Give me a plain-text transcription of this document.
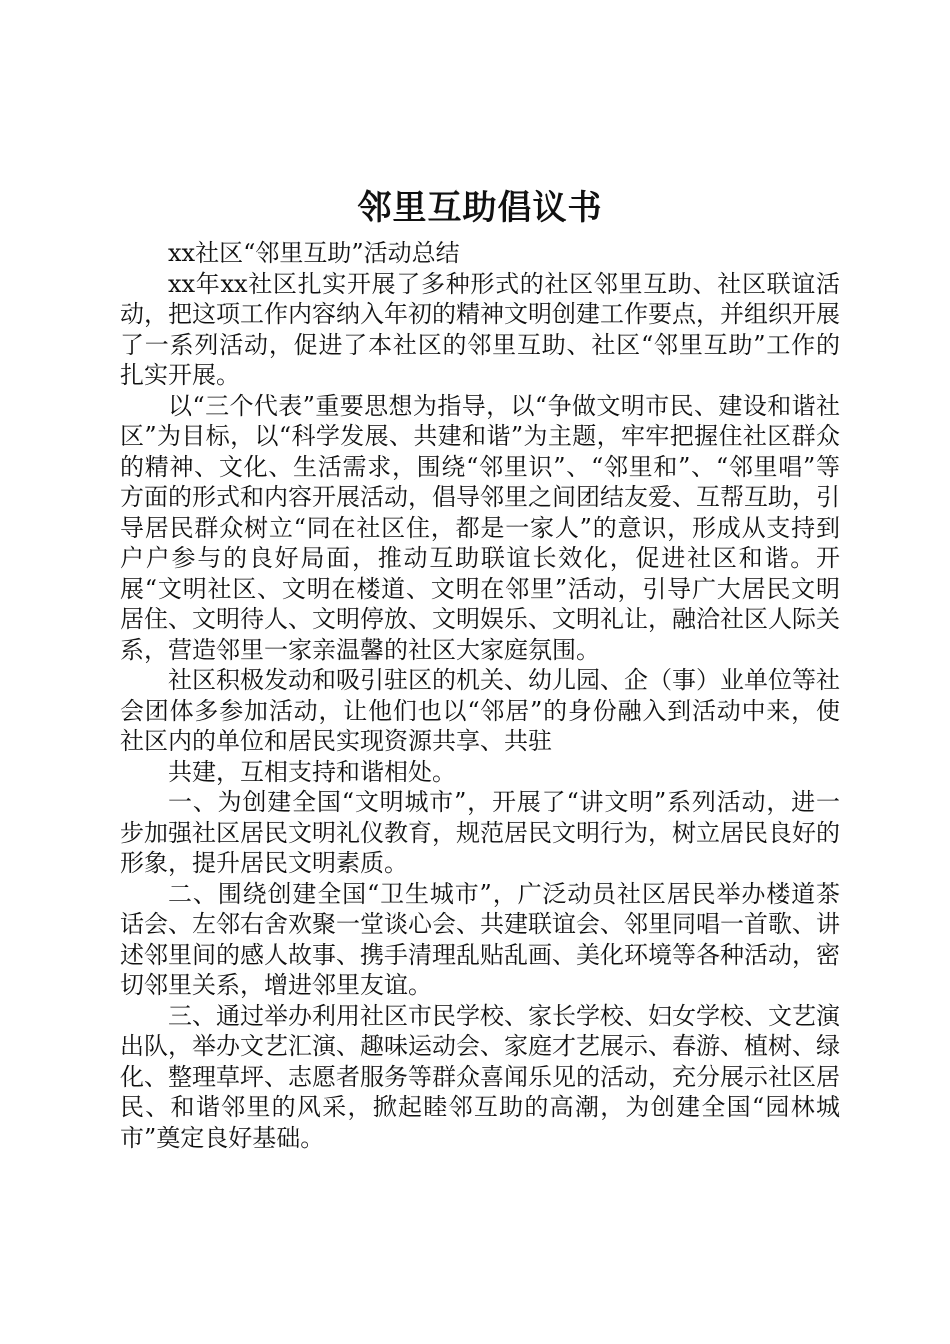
邻里互助倡议书

xx社区“邻里互助”活动总结

xx年xx社区扎实开展了多种形式的社区邻里互助、社区联谊活动，把这项工作内容纳入年初的精神文明创建工作要点，并组织开展了一系列活动，促进了本社区的邻里互助、社区“邻里互助”工作的扎实开展。

以“三个代表”重要思想为指导，以“争做文明市民、建设和谐社区”为目标，以“科学发展、共建和谐”为主题，牢牢把握住社区群众的精神、文化、生活需求，围绕“邻里识”、“邻里和”、“邻里唱”等方面的形式和内容开展活动，倡导邻里之间团结友爱、互帮互助，引导居民群众树立“同在社区住，都是一家人”的意识，形成从支持到户户参与的良好局面，推动互助联谊长效化，促进社区和谐。开展“文明社区、文明在楼道、文明在邻里”活动，引导广大居民文明居住、文明待人、文明停放、文明娱乐、文明礼让，融洽社区人际关系，营造邻里一家亲温馨的社区大家庭氛围。

社区积极发动和吸引驻区的机关、幼儿园、企（事）业单位等社会团体多参加活动，让他们也以“邻居”的身份融入到活动中来，使社区内的单位和居民实现资源共享、共驻

共建，互相支持和谐相处。

一、为创建全国“文明城市”，开展了“讲文明”系列活动，进一步加强社区居民文明礼仪教育，规范居民文明行为，树立居民良好的形象，提升居民文明素质。

二、围绕创建全国“卫生城市”，广泛动员社区居民举办楼道茶话会、左邻右舍欢聚一堂谈心会、共建联谊会、邻里同唱一首歌、讲述邻里间的感人故事、携手清理乱贴乱画、美化环境等各种活动，密切邻里关系，增进邻里友谊。

三、通过举办利用社区市民学校、家长学校、妇女学校、文艺演出队，举办文艺汇演、趣味运动会、家庭才艺展示、春游、植树、绿化、整理草坪、志愿者服务等群众喜闻乐见的活动，充分展示社区居民、和谐邻里的风采，掀起睦邻互助的高潮，为创建全国“园林城市”奠定良好基础。
